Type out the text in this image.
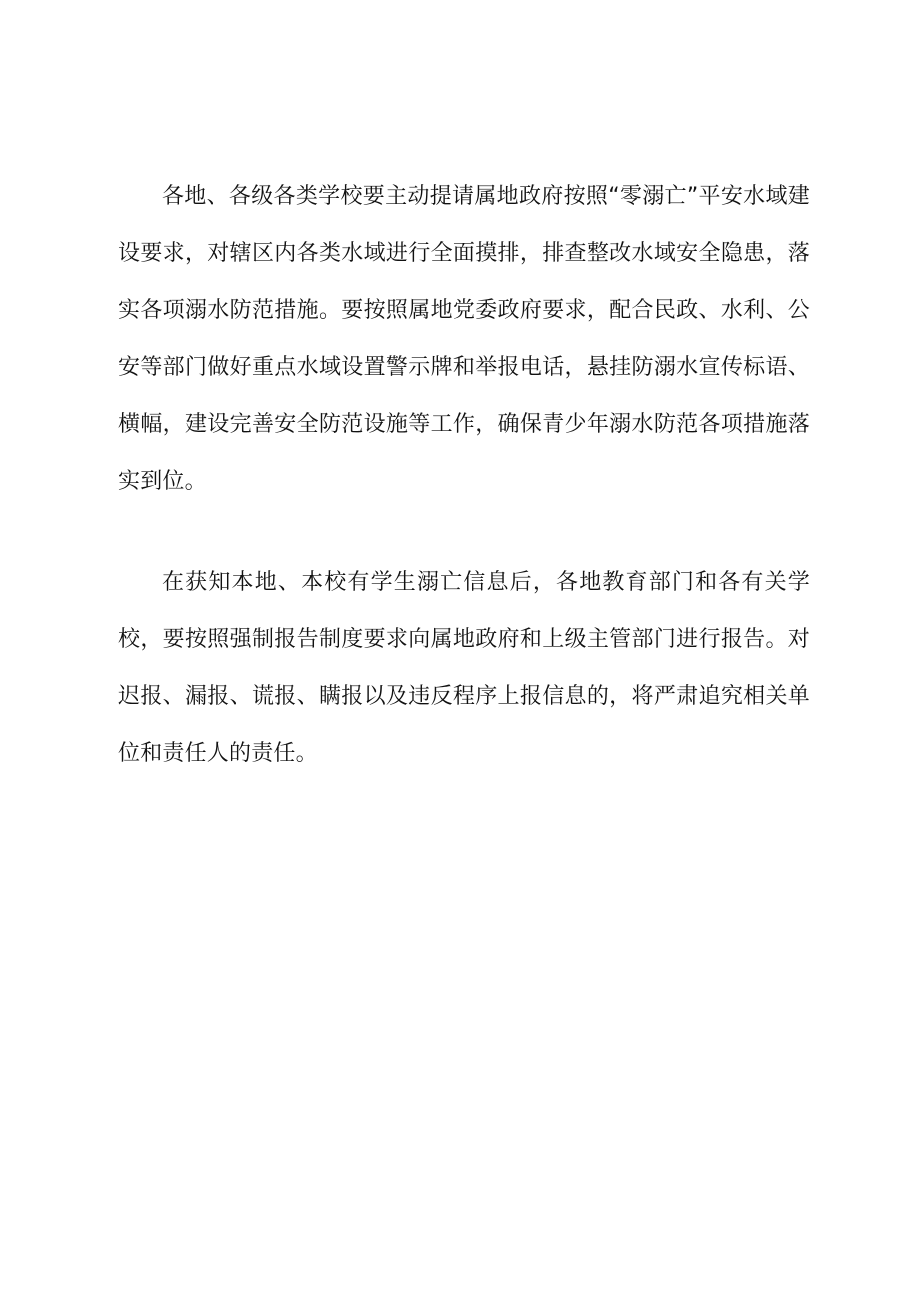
各地、各级各类学校要主动提请属地政府按照“零溺亡”平安水域建设要求，对辖区内各类水域进行全面摸排，排查整改水域安全隐患，落实各项溺水防范措施。要按照属地党委政府要求，配合民政、水利、公安等部门做好重点水域设置警示牌和举报电话，悬挂防溺水宣传标语、横幅，建设完善安全防范设施等工作，确保青少年溺水防范各项措施落实到位。

在获知本地、本校有学生溺亡信息后，各地教育部门和各有关学校，要按照强制报告制度要求向属地政府和上级主管部门进行报告。对迟报、漏报、谎报、瞒报以及违反程序上报信息的，将严肃追究相关单位和责任人的责任。
